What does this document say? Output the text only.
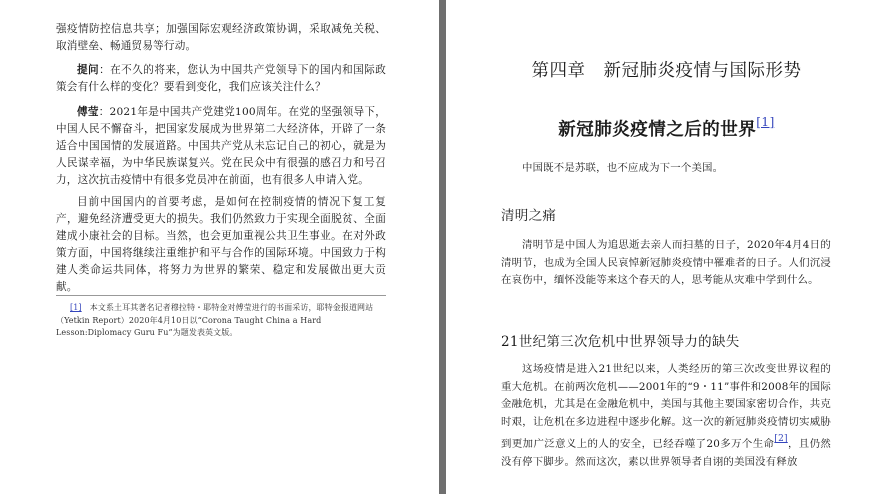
强疫情防控信息共享；加强国际宏观经济政策协调，采取减免关税、取消壁垒、畅通贸易等行动。

提问：在不久的将来，您认为中国共产党领导下的国内和国际政策会有什么样的变化？要看到变化，我们应该关注什么？

傅莹：2021年是中国共产党建党100周年。在党的坚强领导下，中国人民不懈奋斗，把国家发展成为世界第二大经济体，开辟了一条适合中国国情的发展道路。中国共产党从未忘记自己的初心，就是为人民谋幸福，为中华民族谋复兴。党在民众中有很强的感召力和号召力，这次抗击疫情中有很多党员冲在前面，也有很多人申请入党。

目前中国国内的首要考虑，是如何在控制疫情的情况下复工复产，避免经济遭受更大的损失。我们仍然致力于实现全面脱贫、全面建成小康社会的目标。当然，也会更加重视公共卫生事业。在对外政策方面，中国将继续注重维护和平与合作的国际环境。中国致力于构建人类命运共同体，将努力为世界的繁荣、稳定和发展做出更大贡献。

[1]　 本文系土耳其著名记者穆拉特・耶特金对傅莹进行的书面采访，耶特金报道网站（Yetkin Report）2020年4月10日以“Corona Taught China a Hard Lesson:Diplomacy Guru Fu”为题发表英文版。
第四章　新冠肺炎疫情与国际形势
新冠肺炎疫情之后的世界[1]

中国既不是苏联，也不应成为下一个美国。

清明之痛

清明节是中国人为追思逝去亲人而扫墓的日子，2020年4月4日的清明节，也成为全国人民哀悼新冠肺炎疫情中罹难者的日子。人们沉浸在哀伤中，缅怀没能等来这个春天的人，思考能从灾难中学到什么。

21世纪第三次危机中世界领导力的缺失

这场疫情是进入21世纪以来，人类经历的第三次改变世界议程的重大危机。在前两次危机——2001年的“9・11”事件和2008年的国际金融危机，尤其是在金融危机中，美国与其他主要国家密切合作，共克时艰，让危机在多边进程中逐步化解。这一次的新冠肺炎疫情切实威胁到更加广泛意义上的人的安全，已经吞噬了20多万个生命[2]，且仍然没有停下脚步。然而这次，素以世界领导者自诩的美国没有释放
